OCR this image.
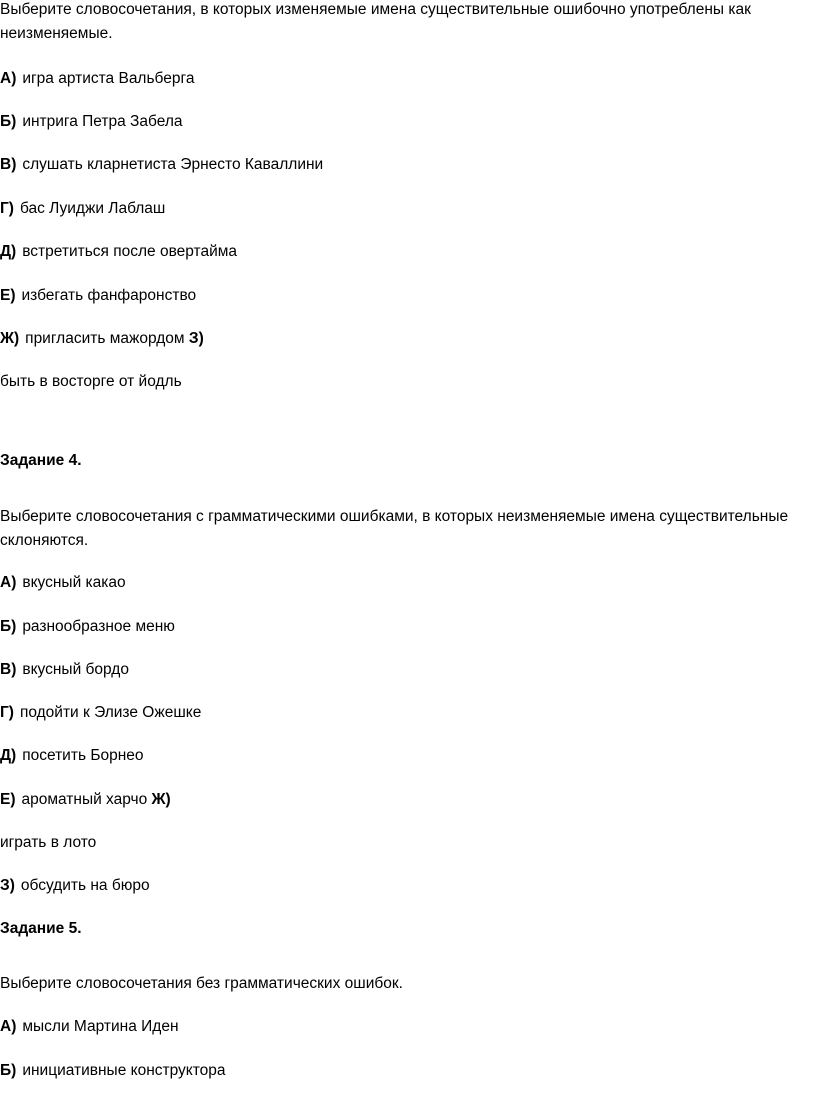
Выберите словосочетания, в которых изменяемые имена существительные ошибочно употреблены как неизменяемые.
А) игра артиста Вальберга
Б) интрига Петра Забела
В) слушать кларнетиста Эрнесто Каваллини
Г) бас Луиджи Лаблаш
Д) встретиться после овертайма
Е) избегать фанфаронство
Ж) пригласить мажордом З)
быть в восторге от йодль
Задание 4.
Выберите словосочетания с грамматическими ошибками, в которых неизменяемые имена существительные склоняются.
А) вкусный какао
Б) разнообразное меню
В) вкусный бордо
Г) подойти к Элизе Ожешке
Д) посетить Борнео
Е) ароматный харчо Ж)
играть в лото
З) обсудить на бюро
Задание 5.
Выберите словосочетания без грамматических ошибок.
А) мысли Мартина Иден
Б) инициативные конструктора
